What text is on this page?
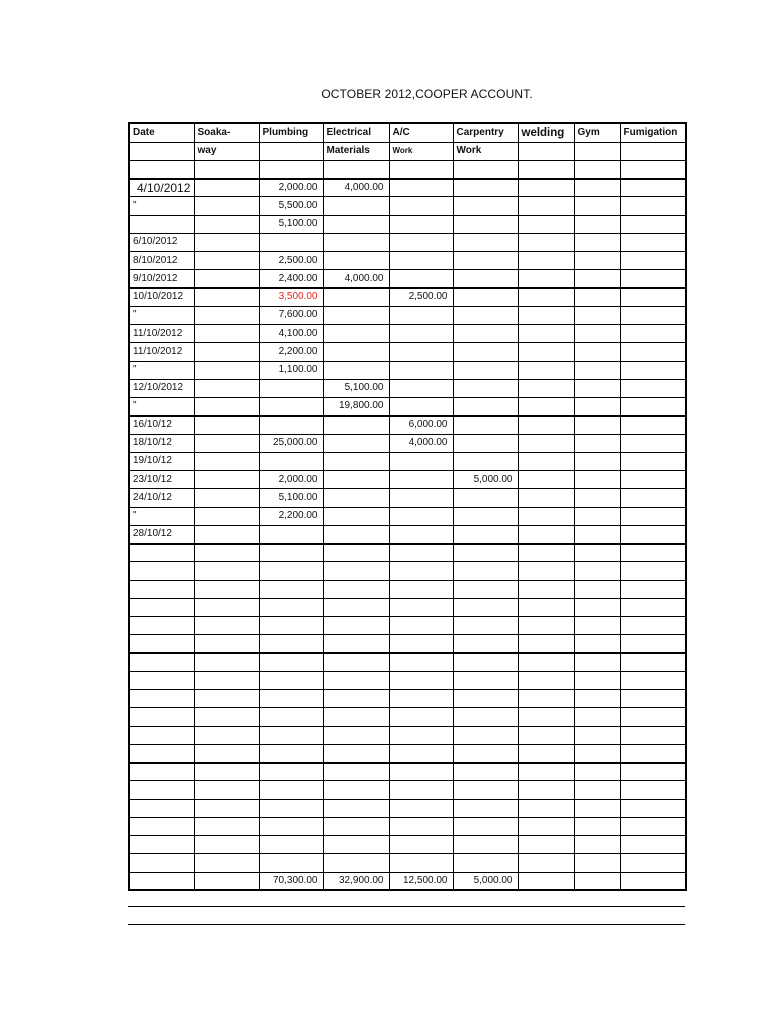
OCTOBER 2012,COOPER ACCOUNT.
Date	Soaka-	Plumbing	Electrical	A/C	Carpentry	welding	Gym	Fumigation
	way		Materials	Work	Work			

4/10/2012		2,000.00	4,000.00					
"		5,500.00						
		5,100.00						
6/10/2012								
8/10/2012		2,500.00						
9/10/2012		2,400.00	4,000.00					
10/10/2012		3,500.00		2,500.00				
"		7,600.00						
11/10/2012		4,100.00						
11/10/2012		2,200.00						
"		1,100.00						
12/10/2012			5,100.00					
"			19,800.00					
16/10/12				6,000.00				
18/10/12		25,000.00		4,000.00				
19/10/12								
23/10/12		2,000.00			5,000.00			
24/10/12		5,100.00						
"		2,200.00						
28/10/12								

		70,300.00	32,900.00	12,500.00	5,000.00			
